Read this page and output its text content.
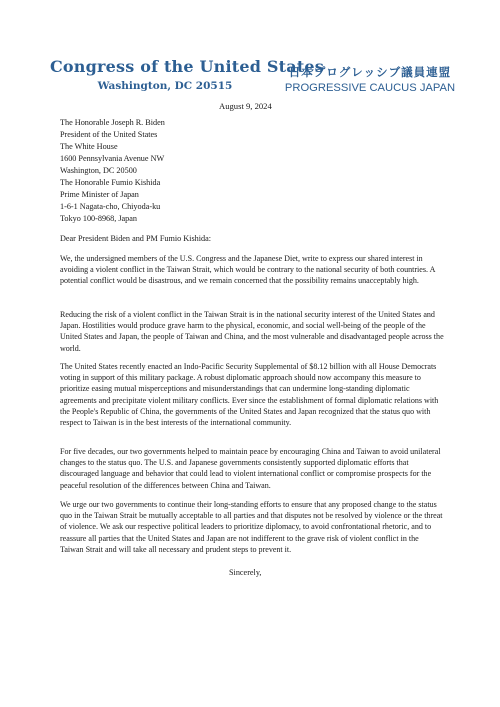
Congress of the United States
Washington, DC 20515
日本プログレッシブ議員連盟
PROGRESSIVE CAUCUS JAPAN
August 9, 2024
The Honorable Joseph R. Biden
President of the United States
The White House
1600 Pennsylvania Avenue NW
Washington, DC 20500
The Honorable Fumio Kishida
Prime Minister of Japan
1-6-1 Nagata-cho, Chiyoda-ku
Tokyo 100-8968, Japan
Dear President Biden and PM Fumio Kishida:

We, the undersigned members of the U.S. Congress and the Japanese Diet, write to express our shared interest in avoiding a violent conflict in the Taiwan Strait, which would be contrary to the national security of both countries. A potential conflict would be disastrous, and we remain concerned that the possibility remains unacceptably high.

Reducing the risk of a violent conflict in the Taiwan Strait is in the national security interest of the United States and Japan. Hostilities would produce grave harm to the physical, economic, and social well-being of the people of the United States and Japan, the people of Taiwan and China, and the most vulnerable and disadvantaged people across the world.

The United States recently enacted an Indo-Pacific Security Supplemental of $8.12 billion with all House Democrats voting in support of this military package. A robust diplomatic approach should now accompany this measure to prioritize easing mutual misperceptions and misunderstandings that can undermine long-standing diplomatic agreements and precipitate violent military conflicts. Ever since the establishment of formal diplomatic relations with the People's Republic of China, the governments of the United States and Japan recognized that the status quo with respect to Taiwan is in the best interests of the international community.

For five decades, our two governments helped to maintain peace by encouraging China and Taiwan to avoid unilateral changes to the status quo. The U.S. and Japanese governments consistently supported diplomatic efforts that discouraged language and behavior that could lead to violent international conflict or compromise prospects for the peaceful resolution of the differences between China and Taiwan.

We urge our two governments to continue their long-standing efforts to ensure that any proposed change to the status quo in the Taiwan Strait be mutually acceptable to all parties and that disputes not be resolved by violence or the threat of violence. We ask our respective political leaders to prioritize diplomacy, to avoid confrontational rhetoric, and to reassure all parties that the United States and Japan are not indifferent to the grave risk of violent conflict in the Taiwan Strait and will take all necessary and prudent steps to prevent it.

Sincerely,
